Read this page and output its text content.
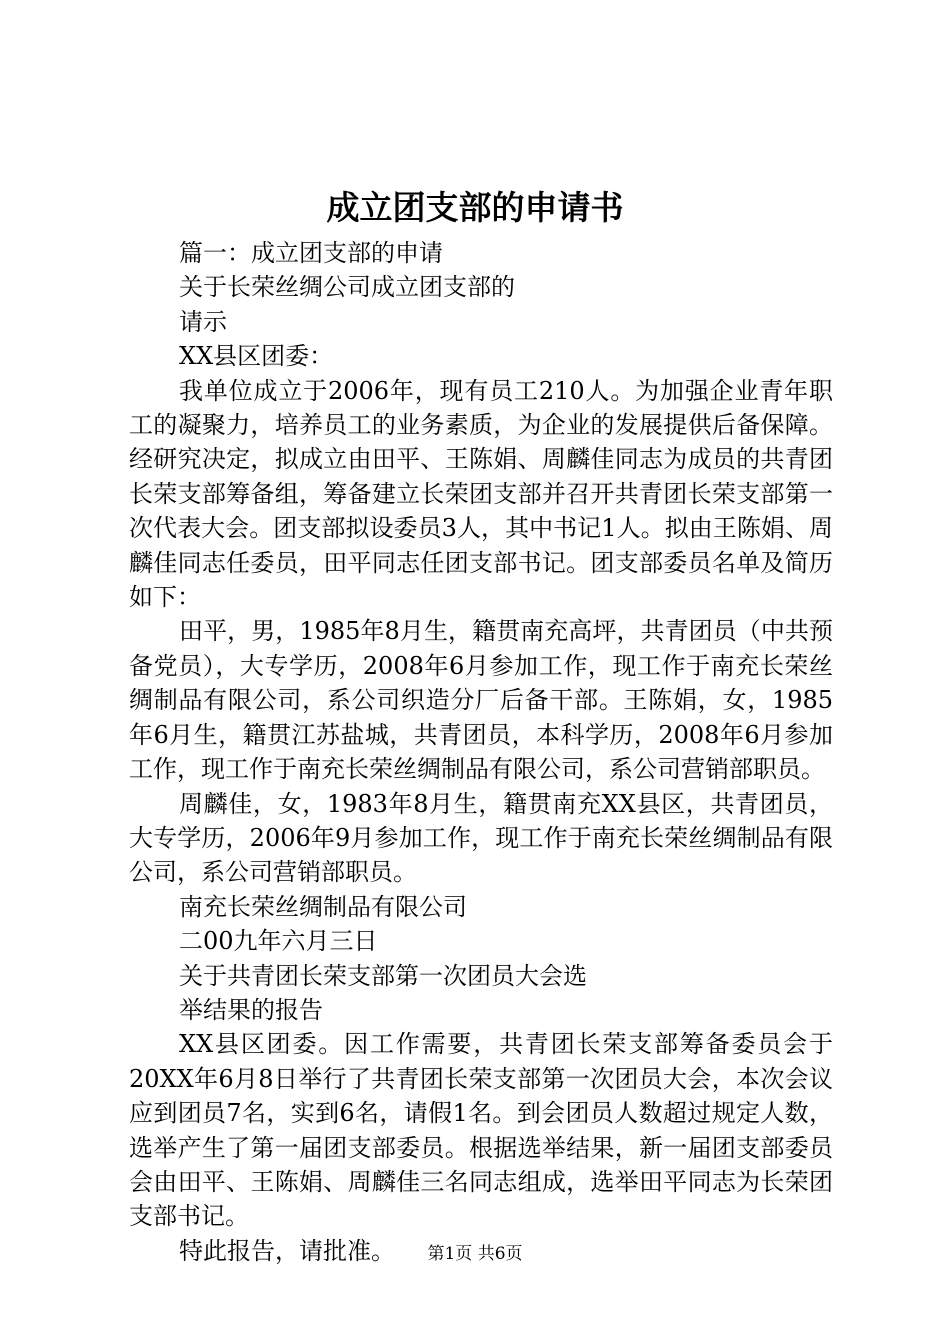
成立团支部的申请书

篇一：成立团支部的申请

关于长荣丝绸公司成立团支部的

请示

XX县区团委：

我单位成立于2006年，现有员工210人。为加强企业青年职工的凝聚力，培养员工的业务素质，为企业的发展提供后备保障。经研究决定，拟成立由田平、王陈娟、周麟佳同志为成员的共青团长荣支部筹备组，筹备建立长荣团支部并召开共青团长荣支部第一次代表大会。团支部拟设委员3人，其中书记1人。拟由王陈娟、周麟佳同志任委员，田平同志任团支部书记。团支部委员名单及简历如下：

田平，男，1985年8月生，籍贯南充高坪，共青团员（中共预备党员），大专学历，2008年6月参加工作，现工作于南充长荣丝绸制品有限公司，系公司织造分厂后备干部。王陈娟，女，1985年6月生，籍贯江苏盐城，共青团员，本科学历，2008年6月参加工作，现工作于南充长荣丝绸制品有限公司，系公司营销部职员。

周麟佳，女，1983年8月生，籍贯南充XX县区，共青团员，大专学历，2006年9月参加工作，现工作于南充长荣丝绸制品有限公司，系公司营销部职员。

南充长荣丝绸制品有限公司

二00九年六月三日

关于共青团长荣支部第一次团员大会选

举结果的报告

XX县区团委。因工作需要，共青团长荣支部筹备委员会于20XX年6月8日举行了共青团长荣支部第一次团员大会，本次会议应到团员7名，实到6名，请假1名。到会团员人数超过规定人数，选举产生了第一届团支部委员。根据选举结果，新一届团支部委员会由田平、王陈娟、周麟佳三名同志组成，选举田平同志为长荣团支部书记。

特此报告，请批准。	第1页 共6页
